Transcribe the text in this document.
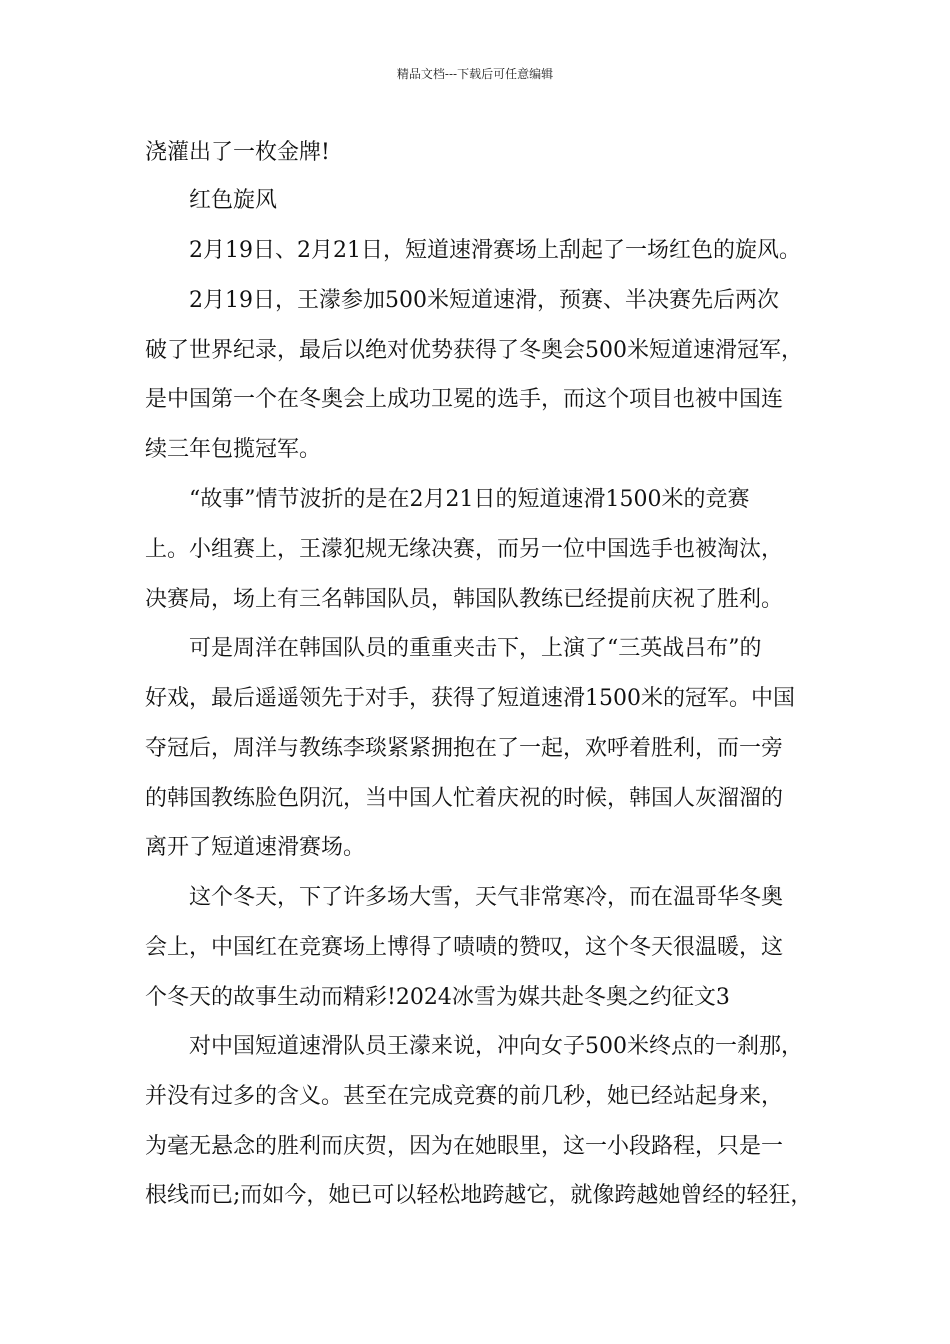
精品文档---下载后可任意编辑
浇灌出了一枚金牌!
红色旋风
2月19日、2月21日，短道速滑赛场上刮起了一场红色的旋风。
2月19日，王濛参加500米短道速滑，预赛、半决赛先后两次
破了世界纪录，最后以绝对优势获得了冬奥会500米短道速滑冠军，
是中国第一个在冬奥会上成功卫冕的选手，而这个项目也被中国连
续三年包揽冠军。
“故事”情节波折的是在2月21日的短道速滑1500米的竞赛
上。小组赛上，王濛犯规无缘决赛，而另一位中国选手也被淘汰，
决赛局，场上有三名韩国队员，韩国队教练已经提前庆祝了胜利。
可是周洋在韩国队员的重重夹击下，上演了“三英战吕布”的
好戏，最后遥遥领先于对手，获得了短道速滑1500米的冠军。中国
夺冠后，周洋与教练李琰紧紧拥抱在了一起，欢呼着胜利，而一旁
的韩国教练脸色阴沉，当中国人忙着庆祝的时候，韩国人灰溜溜的
离开了短道速滑赛场。
这个冬天，下了许多场大雪，天气非常寒冷，而在温哥华冬奥
会上，中国红在竞赛场上博得了啧啧的赞叹，这个冬天很温暖，这
个冬天的故事生动而精彩!2024冰雪为媒共赴冬奥之约征文3
对中国短道速滑队员王濛来说，冲向女子500米终点的一刹那，
并没有过多的含义。甚至在完成竞赛的前几秒，她已经站起身来，
为毫无悬念的胜利而庆贺，因为在她眼里，这一小段路程，只是一
根线而已;而如今，她已可以轻松地跨越它，就像跨越她曾经的轻狂，
